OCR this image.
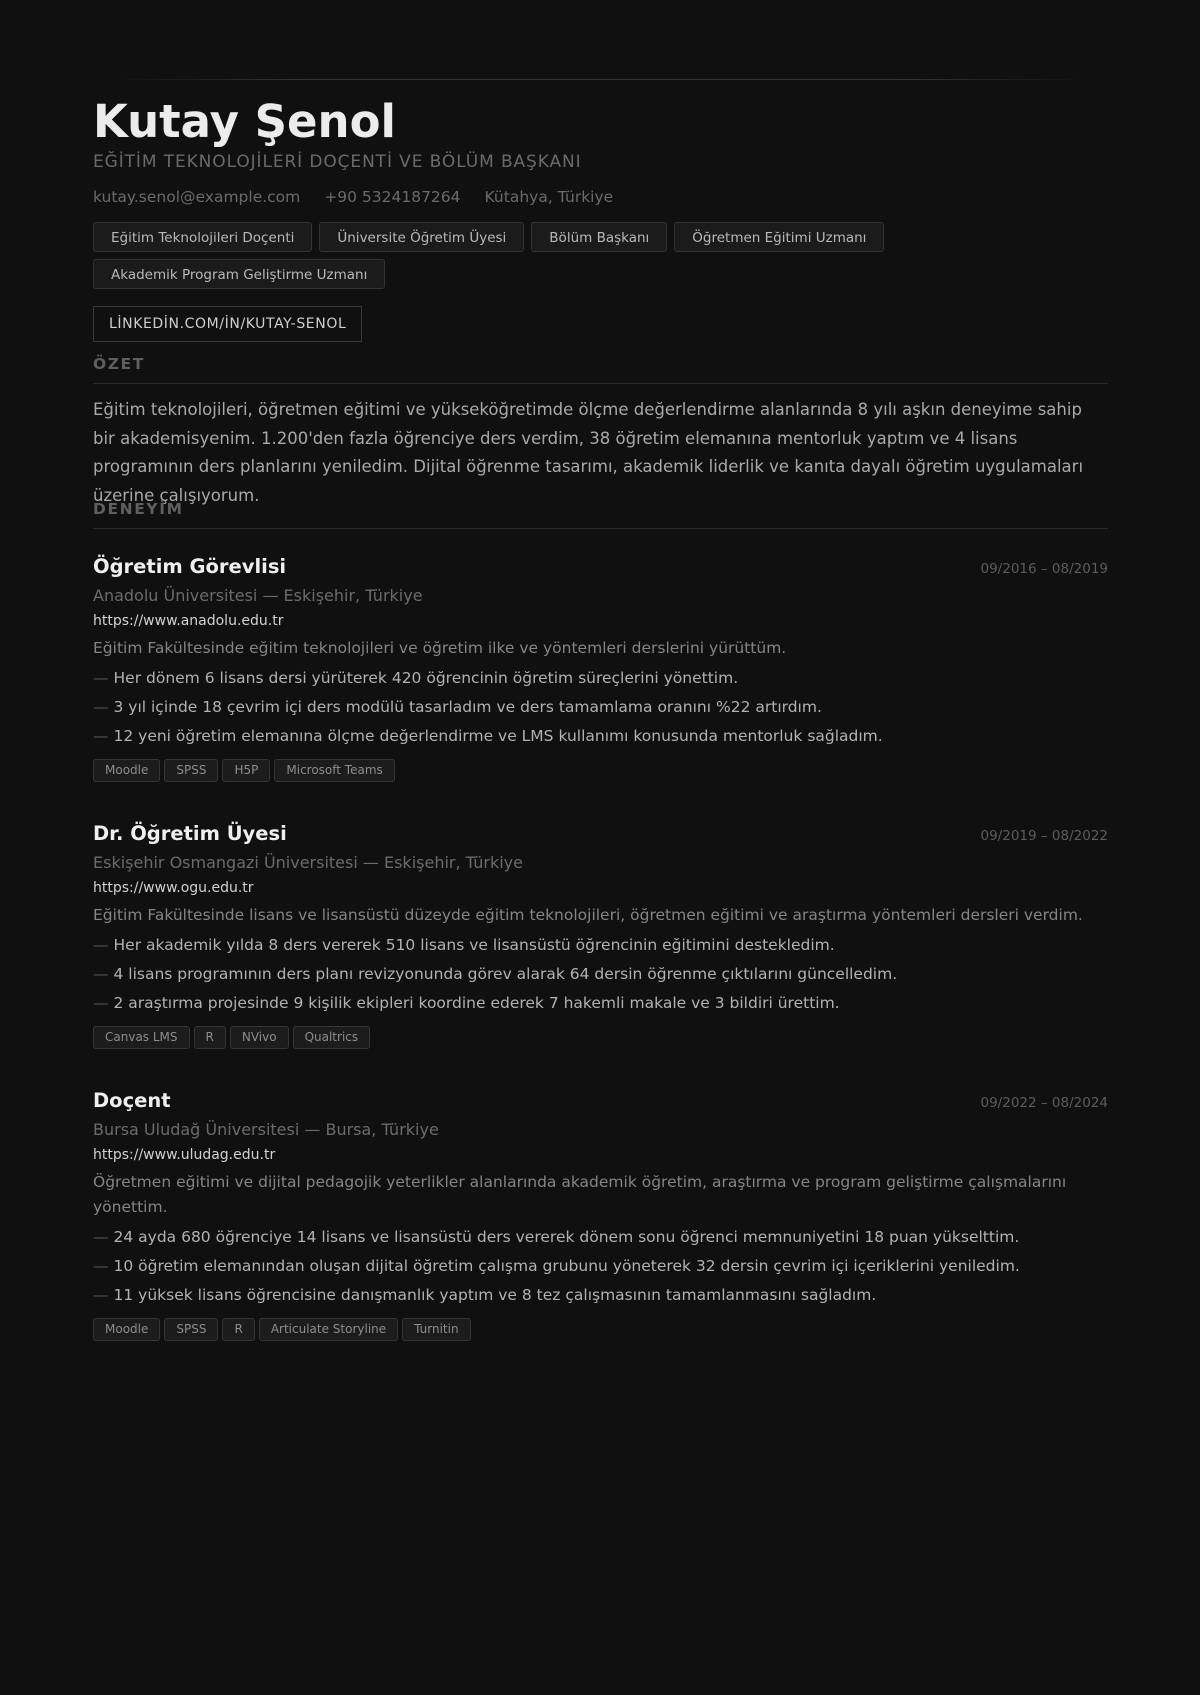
Kutay Şenol
EĞİTİM TEKNOLOJİLERİ DOÇENTİ VE BÖLÜM BAŞKANI
kutay.senol@example.com +90 5324187264 Kütahya, Türkiye
Eğitim Teknolojileri Doçenti	Üniversite Öğretim Üyesi	Bölüm Başkanı	Öğretmen Eğitimi Uzmanı
Akademik Program Geliştirme Uzmanı
LİNKEDİN.COM/İN/KUTAY-SENOL
ÖZET

Eğitim teknolojileri, öğretmen eğitimi ve yükseköğretimde ölçme değerlendirme alanlarında 8 yılı aşkın deneyime sahip bir akademisyenim. 1.200'den fazla öğrenciye ders verdim, 38 öğretim elemanına mentorluk yaptım ve 4 lisans programının ders planlarını yeniledim. Dijital öğrenme tasarımı, akademik liderlik ve kanıta dayalı öğretim uygulamaları üzerine çalışıyorum.

DENEYİM
Öğretim Görevlisi	09/2016 – 08/2019
Anadolu Üniversitesi — Eskişehir, Türkiye
https://www.anadolu.edu.tr
Eğitim Fakültesinde eğitim teknolojileri ve öğretim ilke ve yöntemleri derslerini yürüttüm.
— Her dönem 6 lisans dersi yürüterek 420 öğrencinin öğretim süreçlerini yönettim.
— 3 yıl içinde 18 çevrim içi ders modülü tasarladım ve ders tamamlama oranını %22 artırdım.
— 12 yeni öğretim elemanına ölçme değerlendirme ve LMS kullanımı konusunda mentorluk sağladım.
Moodle	SPSS	H5P	Microsoft Teams
Dr. Öğretim Üyesi	09/2019 – 08/2022
Eskişehir Osmangazi Üniversitesi — Eskişehir, Türkiye
https://www.ogu.edu.tr
Eğitim Fakültesinde lisans ve lisansüstü düzeyde eğitim teknolojileri, öğretmen eğitimi ve araştırma yöntemleri dersleri verdim.
— Her akademik yılda 8 ders vererek 510 lisans ve lisansüstü öğrencinin eğitimini destekledim.
— 4 lisans programının ders planı revizyonunda görev alarak 64 dersin öğrenme çıktılarını güncelledim.
— 2 araştırma projesinde 9 kişilik ekipleri koordine ederek 7 hakemli makale ve 3 bildiri ürettim.
Canvas LMS	R	NVivo	Qualtrics
Doçent	09/2022 – 08/2024
Bursa Uludağ Üniversitesi — Bursa, Türkiye
https://www.uludag.edu.tr
Öğretmen eğitimi ve dijital pedagojik yeterlikler alanlarında akademik öğretim, araştırma ve program geliştirme çalışmalarını yönettim.
— 24 ayda 680 öğrenciye 14 lisans ve lisansüstü ders vererek dönem sonu öğrenci memnuniyetini 18 puan yükselttim.
— 10 öğretim elemanından oluşan dijital öğretim çalışma grubunu yöneterek 32 dersin çevrim içi içeriklerini yeniledim.
— 11 yüksek lisans öğrencisine danışmanlık yaptım ve 8 tez çalışmasının tamamlanmasını sağladım.
Moodle	SPSS	R	Articulate Storyline	Turnitin
